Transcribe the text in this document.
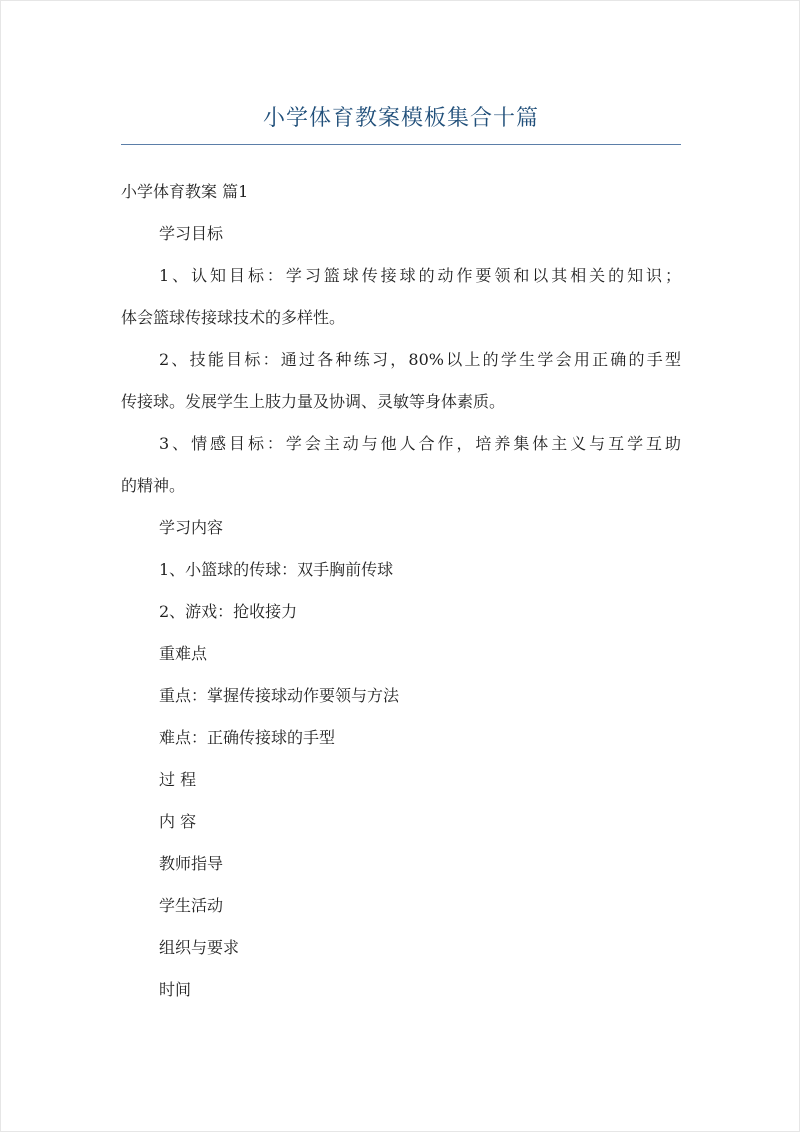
小学体育教案模板集合十篇

小学体育教案 篇1

学习目标

1、认知目标：学习篮球传接球的动作要领和以其相关的知识；

体会篮球传接球技术的多样性。

2、技能目标：通过各种练习，80%以上的学生学会用正确的手型

传接球。发展学生上肢力量及协调、灵敏等身体素质。

3、情感目标：学会主动与他人合作，培养集体主义与互学互助

的精神。

学习内容

1、小篮球的传球：双手胸前传球

2、游戏：抢收接力

重难点

重点：掌握传接球动作要领与方法

难点：正确传接球的手型

过 程

内 容

教师指导

学生活动

组织与要求

时间
